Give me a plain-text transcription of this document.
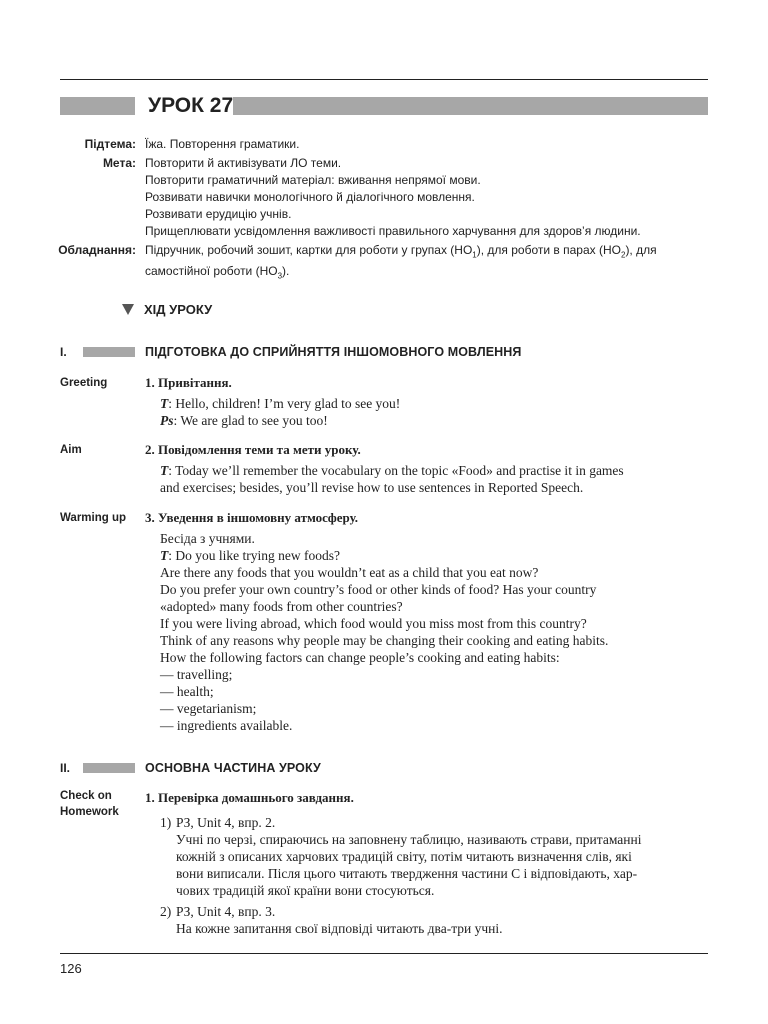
УРОК 27
Підтема: Їжа. Повторення граматики.
Мета: Повторити й активізувати ЛО теми.
Повторити граматичний матеріал: вживання непрямої мови.
Розвивати навички монологічного й діалогічного мовлення.
Розвивати ерудицію учнів.
Прищеплювати усвідомлення важливості правильного харчування для здоров’я людини.
Обладнання: Підручник, робочий зошит, картки для роботи у групах $(НО_1)$, для роботи в парах $(НО_2)$, для
самостійної роботи $(НО_3)$.
ХІД УРОКУ
I.	ПІДГОТОВКА ДО СПРИЙНЯТТЯ ІНШОМОВНОГО МОВЛЕННЯ
Greeting	1. Привітання.
T: Hello, children! I’m very glad to see you!
Ps: We are glad to see you too!
Aim	2. Повідомлення теми та мети уроку.
T: Today we’ll remember the vocabulary on the topic «Food» and practise it in games
and exercises; besides, you’ll revise how to use sentences in Reported Speech.
Warming up 3. Уведення в іншомовну атмосферу.
Бесіда з учнями.
T: Do you like trying new foods?
Are there any foods that you wouldn’t eat as a child that you eat now?
Do you prefer your own country’s food or other kinds of food? Has your country
«adopted» many foods from other countries?
If you were living abroad, which food would you miss most from this country?
Think of any reasons why people may be changing their cooking and eating habits.
How the following factors can change people’s cooking and eating habits:
— travelling;
— health;
— vegetarianism;
— ingredients available.
II.	ОСНОВНА ЧАСТИНА УРОКУ
Check on
Homework
1. Перевірка домашнього завдання.
1) РЗ, Unit 4, впр. 2.
Учні по черзі, спираючись на заповнену таблицю, називають страви, притаманні
кожній з описаних харчових традицій світу, потім читають визначення слів, які
вони виписали. Після цього читають твердження частини С і відповідають, хар-
чових традицій якої країни вони стосуються.
2) РЗ, Unit 4, впр. 3.
На кожне запитання свої відповіді читають два-три учні.
126
